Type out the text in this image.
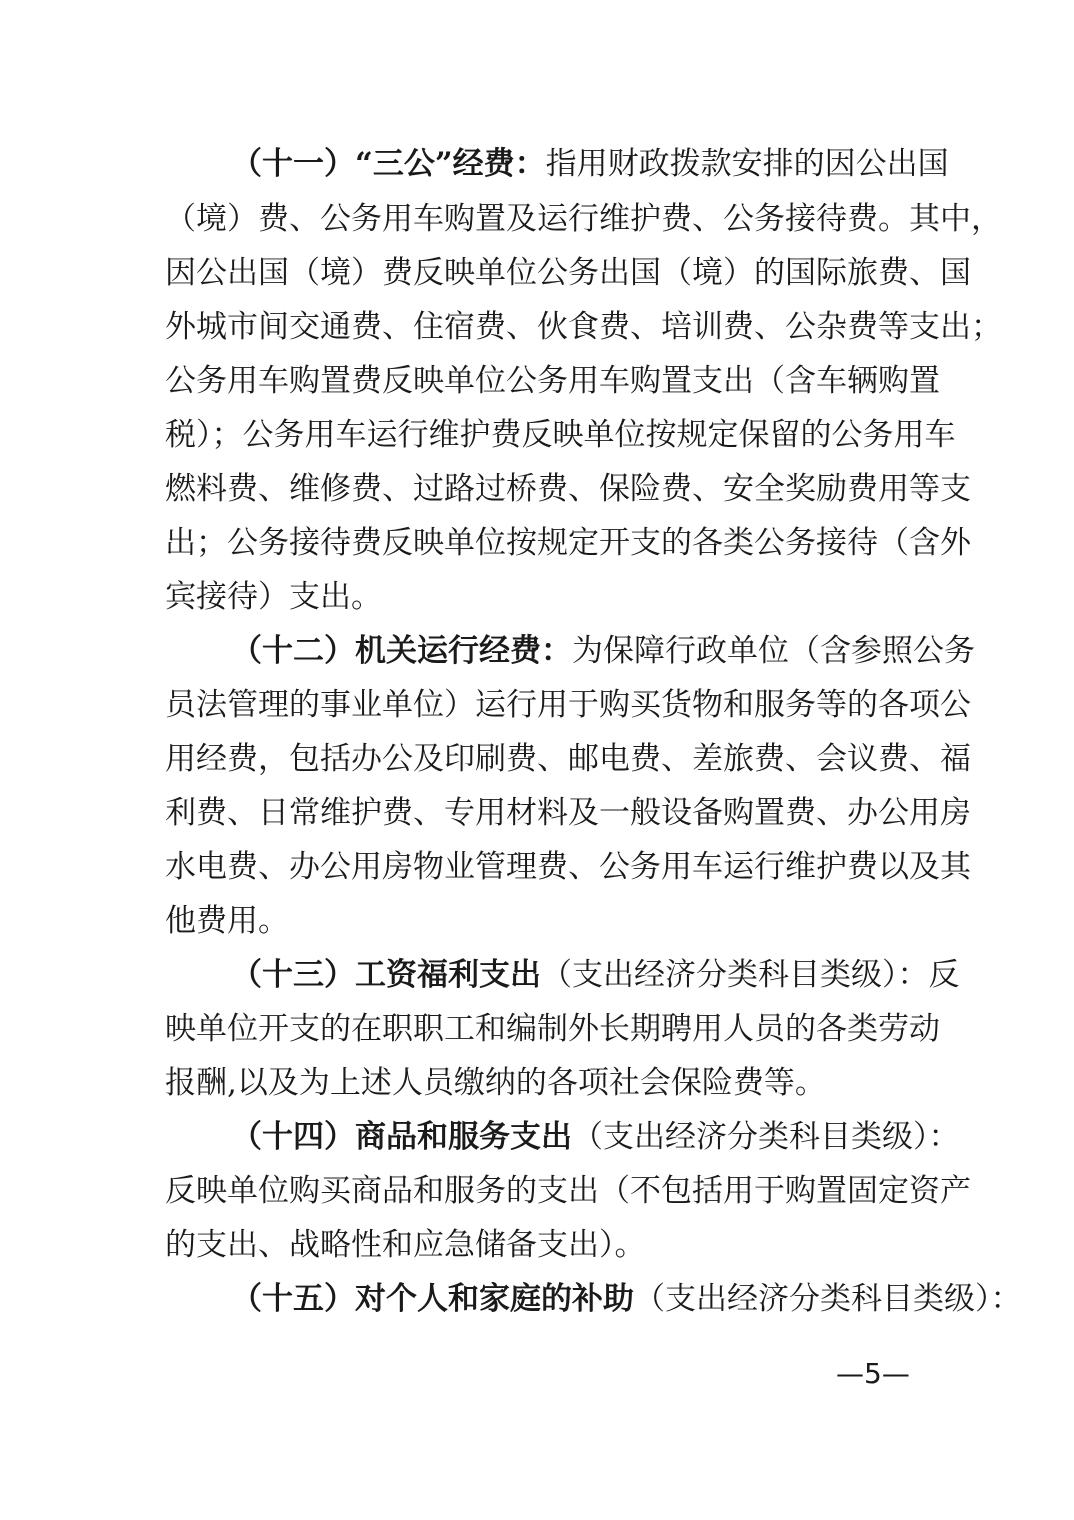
（十一）“三公”经费：指用财政拨款安排的因公出国
（境）费、公务用车购置及运行维护费、公务接待费。其中，
因公出国（境）费反映单位公务出国（境）的国际旅费、国
外城市间交通费、住宿费、伙食费、培训费、公杂费等支出；
公务用车购置费反映单位公务用车购置支出（含车辆购置
税）；公务用车运行维护费反映单位按规定保留的公务用车
燃料费、维修费、过路过桥费、保险费、安全奖励费用等支
出；公务接待费反映单位按规定开支的各类公务接待（含外
宾接待）支出。
（十二）机关运行经费：为保障行政单位（含参照公务
员法管理的事业单位）运行用于购买货物和服务等的各项公
用经费，包括办公及印刷费、邮电费、差旅费、会议费、福
利费、日常维护费、专用材料及一般设备购置费、办公用房
水电费、办公用房物业管理费、公务用车运行维护费以及其
他费用。
（十三）工资福利支出（支出经济分类科目类级）：反
映单位开支的在职职工和编制外长期聘用人员的各类劳动
报酬,以及为上述人员缴纳的各项社会保险费等。
（十四）商品和服务支出（支出经济分类科目类级）：
反映单位购买商品和服务的支出（不包括用于购置固定资产
的支出、战略性和应急储备支出）。
（十五）对个人和家庭的补助（支出经济分类科目类级）：
—5—
